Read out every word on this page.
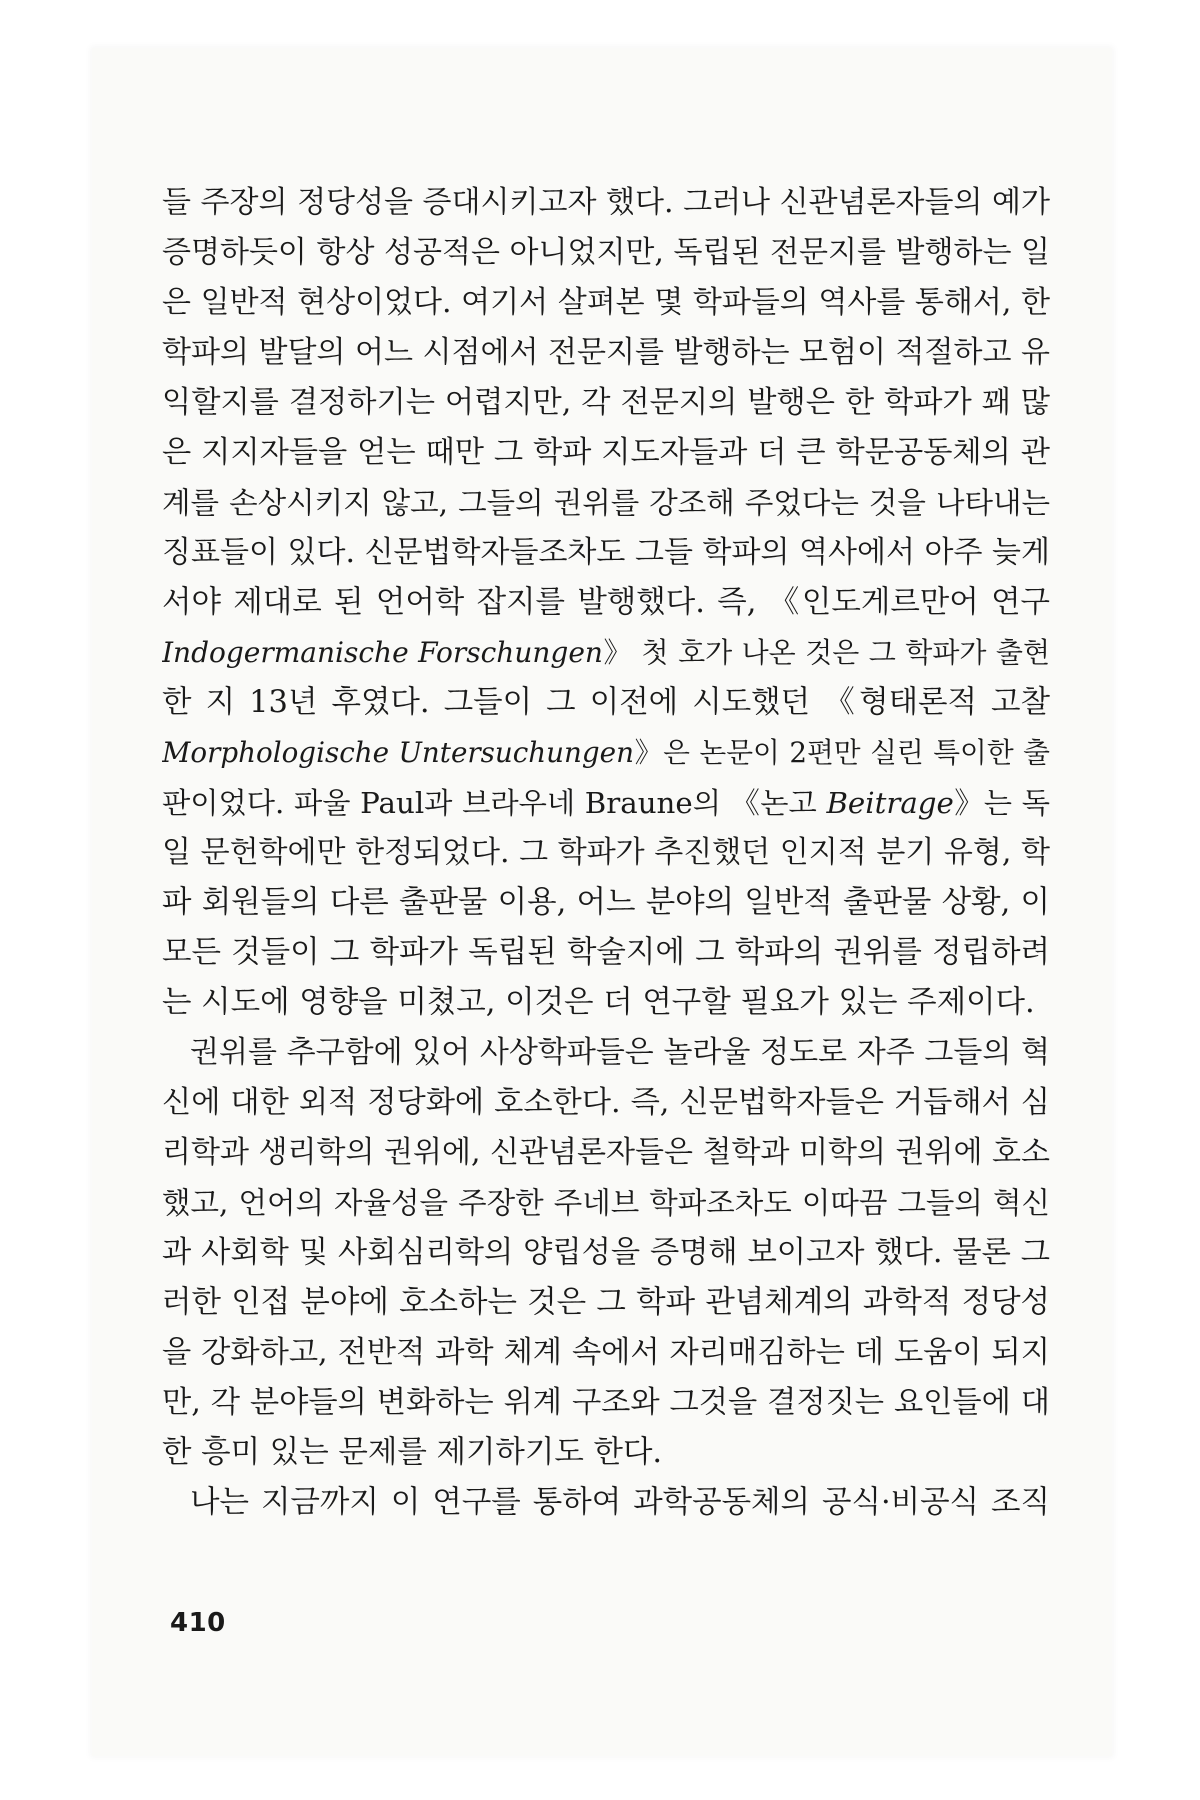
들 주장의 정당성을 증대시키고자 했다. 그러나 신관념론자들의 예가
증명하듯이 항상 성공적은 아니었지만, 독립된 전문지를 발행하는 일
은 일반적 현상이었다. 여기서 살펴본 몇 학파들의 역사를 통해서, 한
학파의 발달의 어느 시점에서 전문지를 발행하는 모험이 적절하고 유
익할지를 결정하기는 어렵지만, 각 전문지의 발행은 한 학파가 꽤 많
은 지지자들을 얻는 때만 그 학파 지도자들과 더 큰 학문공동체의 관
계를 손상시키지 않고, 그들의 권위를 강조해 주었다는 것을 나타내는
징표들이 있다. 신문법학자들조차도 그들 학파의 역사에서 아주 늦게
서야 제대로 된 언어학 잡지를 발행했다. 즉, 《인도게르만어 연구
Indogermanische Forschungen》 첫 호가 나온 것은 그 학파가 출현
한 지 13년 후였다. 그들이 그 이전에 시도했던 《형태론적 고찰
Morphologische Untersuchungen》은 논문이 2편만 실린 특이한 출
판이었다. 파울 Paul과 브라우네 Braune의 《논고 Beitrage》는 독
일 문헌학에만 한정되었다. 그 학파가 추진했던 인지적 분기 유형, 학
파 회원들의 다른 출판물 이용, 어느 분야의 일반적 출판물 상황, 이
모든 것들이 그 학파가 독립된 학술지에 그 학파의 권위를 정립하려
는 시도에 영향을 미쳤고, 이것은 더 연구할 필요가 있는 주제이다.
권위를 추구함에 있어 사상학파들은 놀라울 정도로 자주 그들의 혁
신에 대한 외적 정당화에 호소한다. 즉, 신문법학자들은 거듭해서 심
리학과 생리학의 권위에, 신관념론자들은 철학과 미학의 권위에 호소
했고, 언어의 자율성을 주장한 주네브 학파조차도 이따끔 그들의 혁신
과 사회학 및 사회심리학의 양립성을 증명해 보이고자 했다. 물론 그
러한 인접 분야에 호소하는 것은 그 학파 관념체계의 과학적 정당성
을 강화하고, 전반적 과학 체계 속에서 자리매김하는 데 도움이 되지
만, 각 분야들의 변화하는 위계 구조와 그것을 결정짓는 요인들에 대
한 흥미 있는 문제를 제기하기도 한다.
나는 지금까지 이 연구를 통하여 과학공동체의 공식·비공식 조직
410
